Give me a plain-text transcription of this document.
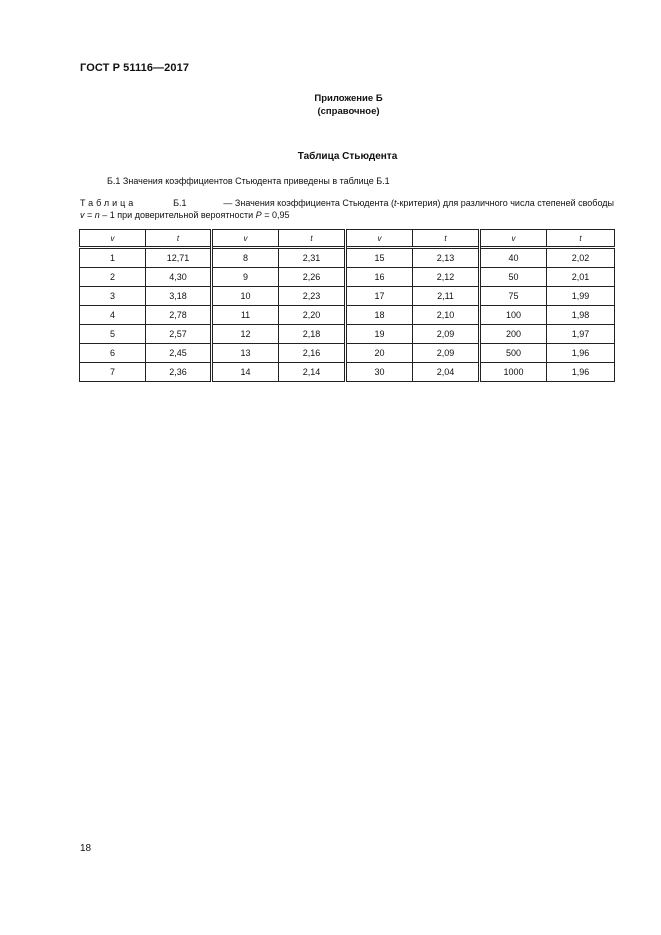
ГОСТ Р 51116—2017
Приложение Б
(справочное)
Таблица Стьюдента
Б.1 Значения коэффициентов Стьюдента приведены в таблице Б.1
Таблица	Б.1	— Значения коэффициента Стьюдента (t-критерия) для различного числа степеней свободы
v = n – 1 при доверительной вероятности P = 0,95
v	t	v	t	v	t	v	t
1	12,71	8	2,31	15	2,13	40	2,02
2	4,30	9	2,26	16	2,12	50	2,01
3	3,18	10	2,23	17	2,11	75	1,99
4	2,78	11	2,20	18	2,10	100	1,98
5	2,57	12	2,18	19	2,09	200	1,97
6	2,45	13	2,16	20	2,09	500	1,96
7	2,36	14	2,14	30	2,04	1000	1,96
18
